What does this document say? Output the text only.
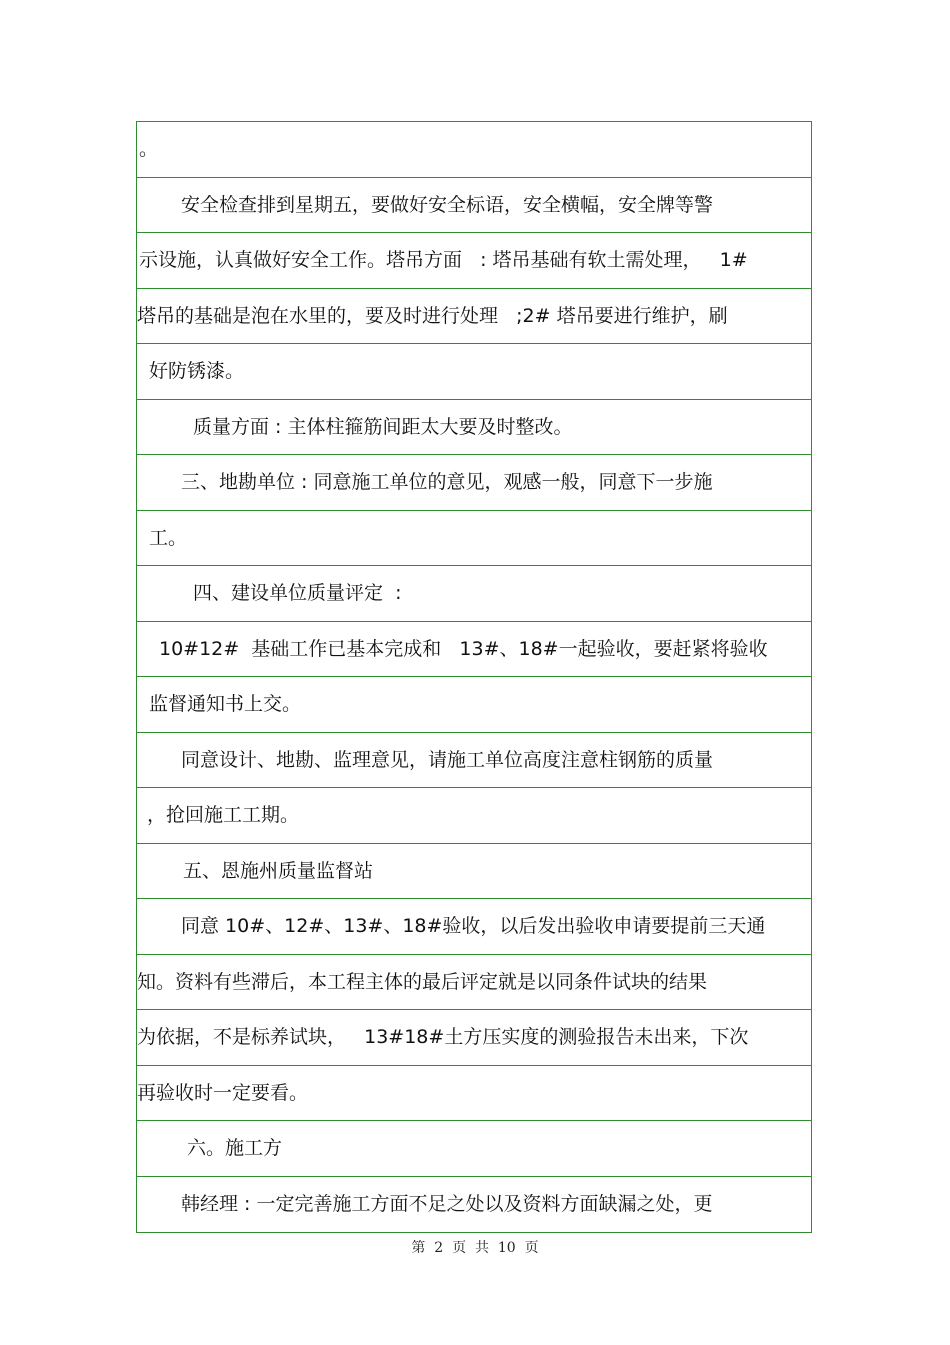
。
安全检查排到星期五，要做好安全标语，安全横幅，安全牌等警
示设施，认真做好安全工作。塔吊方面   : 塔吊基础有软土需处理，   1#
塔吊的基础是泡在水里的，要及时进行处理   ;2# 塔吊要进行维护，刷
好防锈漆。
质量方面 : 主体柱箍筋间距太大要及时整改。
三、地勘单位 : 同意施工单位的意见，观感一般，同意下一步施
工。
四、建设单位质量评定  :
10#12#  基础工作已基本完成和   13#、18#一起验收，要赶紧将验收
监督通知书上交。
同意设计、地勘、监理意见，请施工单位高度注意柱钢筋的质量
，抢回施工工期。
五、恩施州质量监督站
同意 10#、12#、13#、18#验收，以后发出验收申请要提前三天通
知。资料有些滞后，本工程主体的最后评定就是以同条件试块的结果
为依据，不是标养试块，   13#18#土方压实度的测验报告未出来，下次
再验收时一定要看。
六。施工方
韩经理 : 一定完善施工方面不足之处以及资料方面缺漏之处，更
第  2  页  共  10  页
